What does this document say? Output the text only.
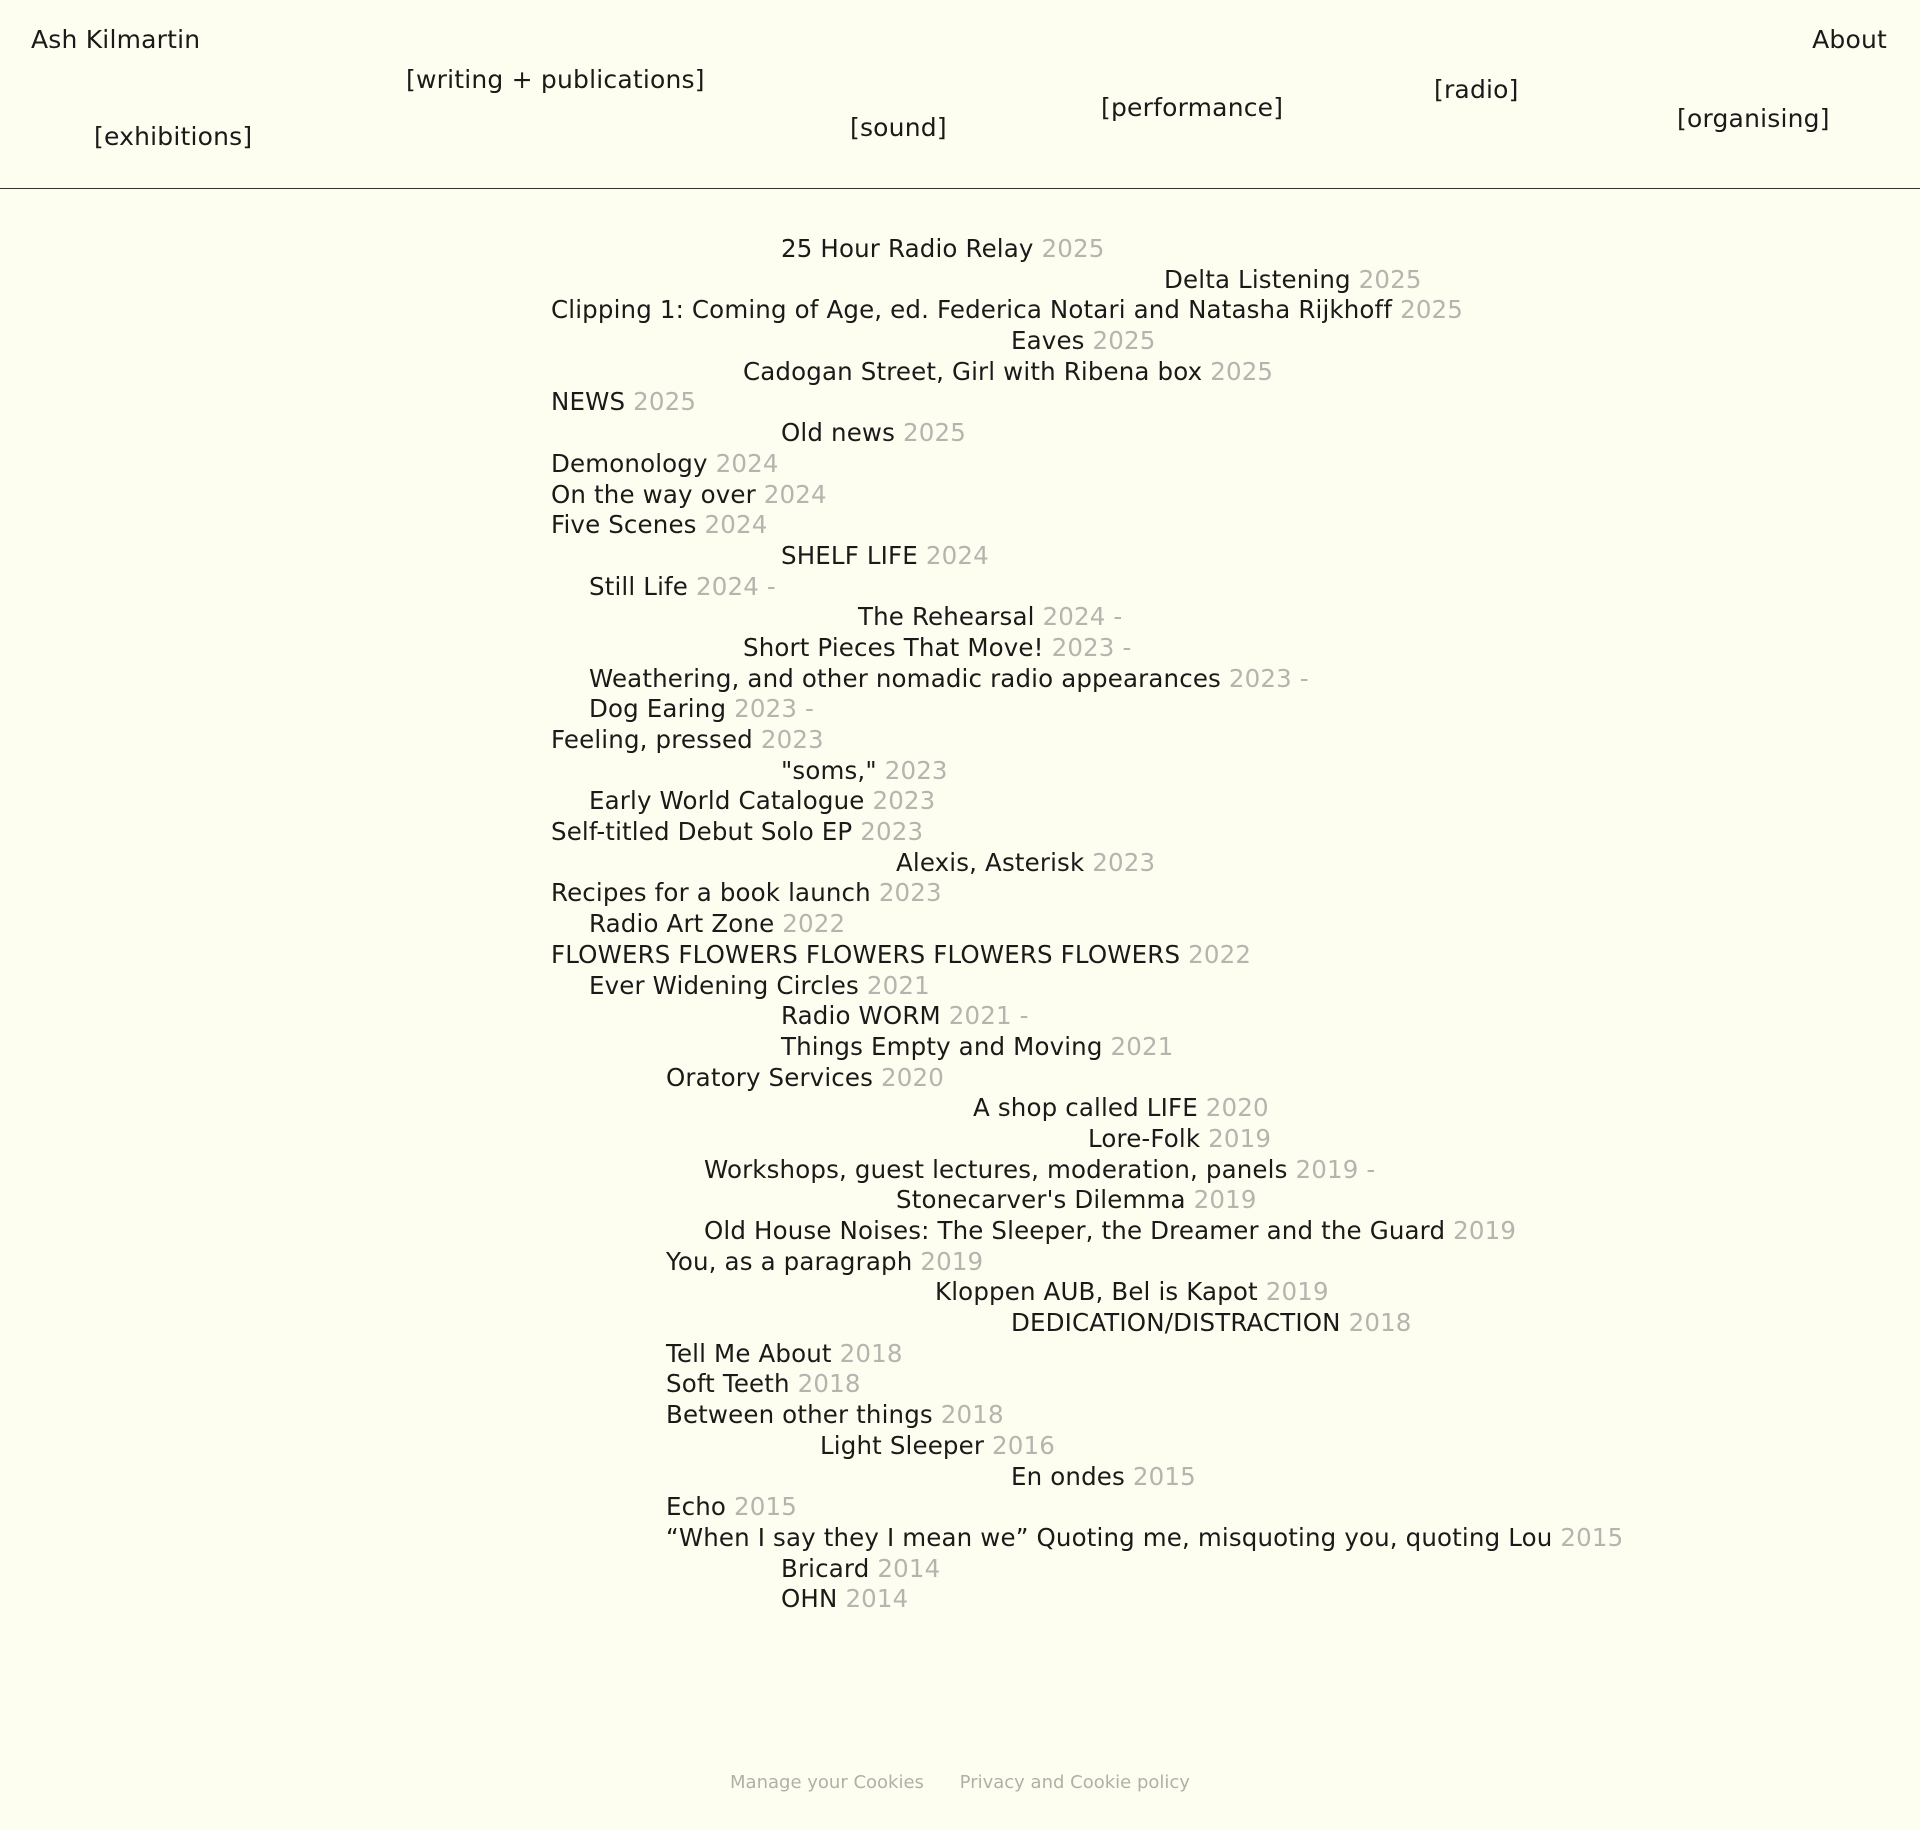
Ash Kilmartin	About
[exhibitions]
[writing + publications]
[sound]
[performance]
[radio]
[organising]
25 Hour Radio Relay 2025
Delta Listening 2025
Clipping 1: Coming of Age, ed. Federica Notari and Natasha Rijkhoff 2025
Eaves 2025
Cadogan Street, Girl with Ribena box 2025
NEWS 2025
Old news 2025
Demonology 2024
On the way over 2024
Five Scenes 2024
SHELF LIFE 2024
Still Life 2024 -
The Rehearsal 2024 -
Short Pieces That Move! 2023 -
Weathering, and other nomadic radio appearances 2023 -
Dog Earing 2023 -
Feeling, pressed 2023
"soms," 2023
Early World Catalogue 2023
Self-titled Debut Solo EP 2023
Alexis, Asterisk 2023
Recipes for a book launch 2023
Radio Art Zone 2022
FLOWERS FLOWERS FLOWERS FLOWERS FLOWERS 2022
Ever Widening Circles 2021
Radio WORM 2021 -
Things Empty and Moving 2021
Oratory Services 2020
A shop called LIFE 2020
Lore-Folk 2019
Workshops, guest lectures, moderation, panels 2019 -
Stonecarver's Dilemma 2019
Old House Noises: The Sleeper, the Dreamer and the Guard 2019
You, as a paragraph 2019
Kloppen AUB, Bel is Kapot 2019
DEDICATION/DISTRACTION 2018
Tell Me About 2018
Soft Teeth 2018
Between other things 2018
Light Sleeper 2016
En ondes 2015
Echo 2015
“When I say they I mean we” Quoting me, misquoting you, quoting Lou 2015
Bricard 2014
OHN 2014
Manage your Cookies Privacy and Cookie policy
